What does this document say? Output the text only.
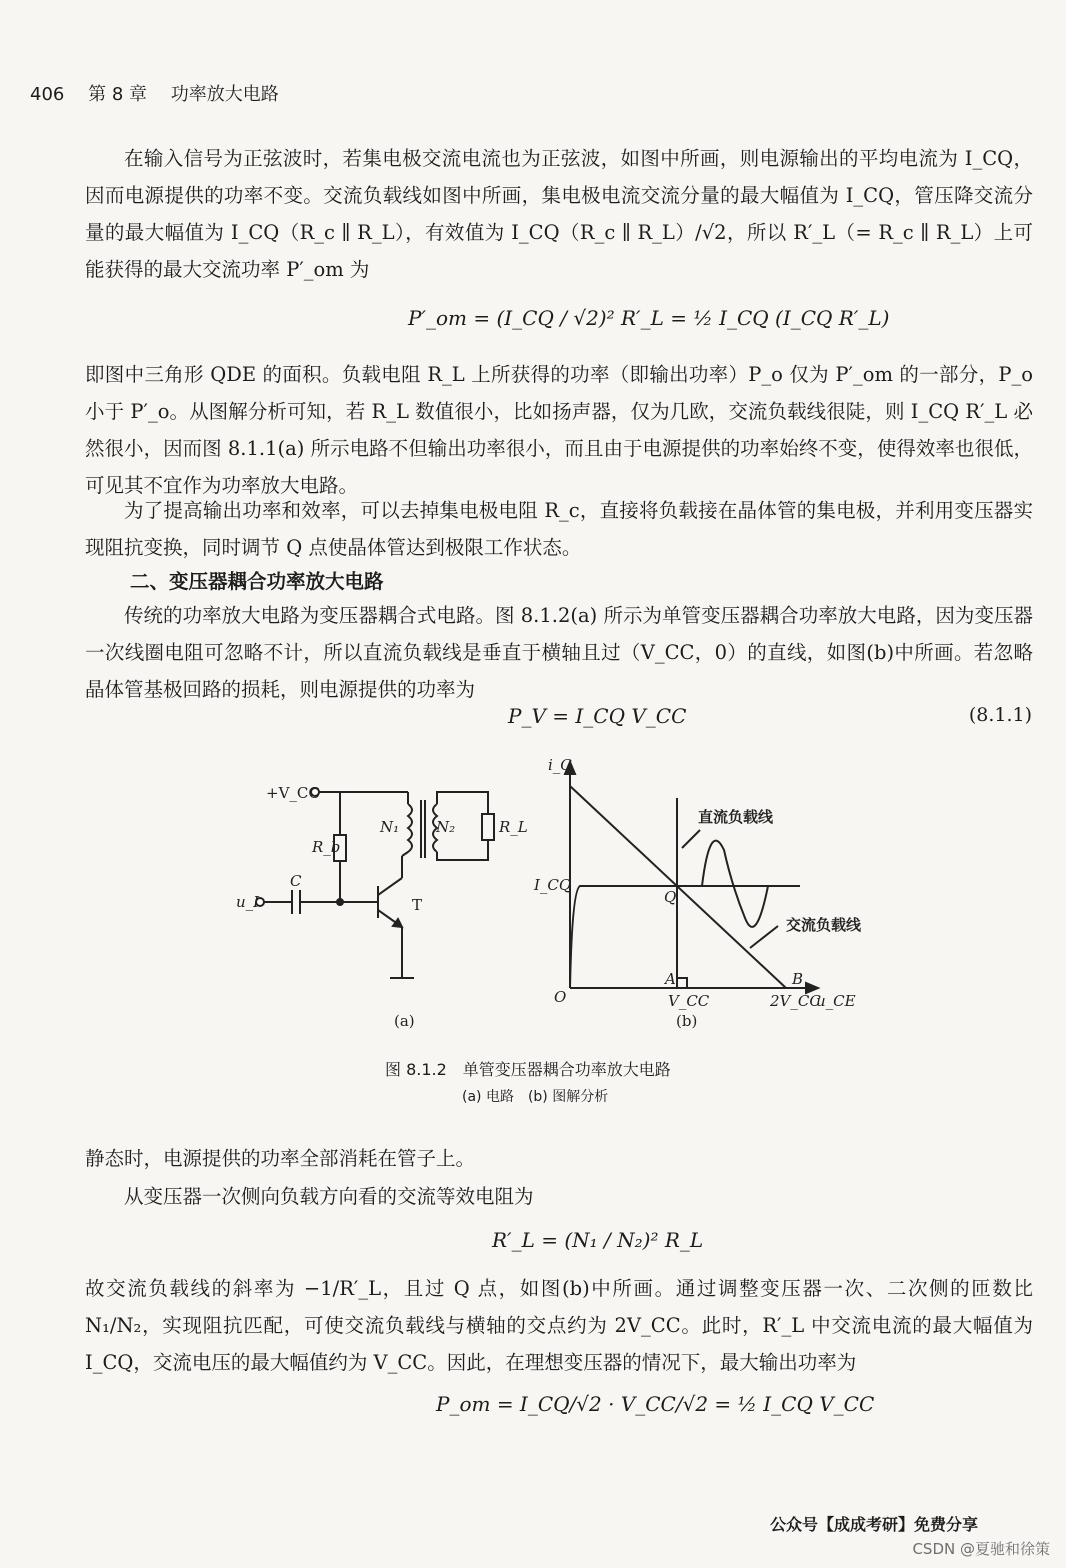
406 第 8 章 功率放大电路
在输入信号为正弦波时，若集电极交流电流也为正弦波，如图中所画，则电源输出的平均电流为 I_CQ，因而电源提供的功率不变。交流负载线如图中所画，集电极电流交流分量的最大幅值为 I_CQ，管压降交流分量的最大幅值为 I_CQ（R_c ∥ R_L），有效值为 I_CQ（R_c ∥ R_L）/√2，所以 R′_L（= R_c ∥ R_L）上可能获得的最大交流功率 P′_om 为
P′_om = (I_CQ / √2)² R′_L = ½ I_CQ (I_CQ R′_L)
即图中三角形 QDE 的面积。负载电阻 R_L 上所获得的功率（即输出功率）P_o 仅为 P′_om 的一部分，P_o 小于 P′_o。从图解分析可知，若 R_L 数值很小，比如扬声器，仅为几欧，交流负载线很陡，则 I_CQ R′_L 必然很小，因而图 8.1.1(a) 所示电路不但输出功率很小，而且由于电源提供的功率始终不变，使得效率也很低，可见其不宜作为功率放大电路。
为了提高输出功率和效率，可以去掉集电极电阻 R_c，直接将负载接在晶体管的集电极，并利用变压器实现阻抗变换，同时调节 Q 点使晶体管达到极限工作状态。
二、变压器耦合功率放大电路
传统的功率放大电路为变压器耦合式电路。图 8.1.2(a) 所示为单管变压器耦合功率放大电路，因为变压器一次线圈电阻可忽略不计，所以直流负载线是垂直于横轴且过（V_CC，0）的直线，如图(b)中所画。若忽略晶体管基极回路的损耗，则电源提供的功率为
P_V = I_CQ V_CC	(8.1.1)
+V_CC
R_b
N₁ N₂	R_L
C
u_I	T
(a)
i_C
I_CQ
Q
A	B
O	V_CC	2V_CC
u_CE
直流负载线
交流负载线
(b)
图 8.1.2　单管变压器耦合功率放大电路
(a) 电路　(b) 图解分析
静态时，电源提供的功率全部消耗在管子上。
从变压器一次侧向负载方向看的交流等效电阻为
R′_L = (N₁ / N₂)² R_L
故交流负载线的斜率为 −1/R′_L，且过 Q 点，如图(b)中所画。通过调整变压器一次、二次侧的匝数比 N₁/N₂，实现阻抗匹配，可使交流负载线与横轴的交点约为 2V_CC。此时，R′_L 中交流电流的最大幅值为 I_CQ，交流电压的最大幅值约为 V_CC。因此，在理想变压器的情况下，最大输出功率为
P_om = I_CQ/√2 · V_CC/√2 = ½ I_CQ V_CC
公众号【成成考研】免费分享
CSDN @夏驰和徐策
